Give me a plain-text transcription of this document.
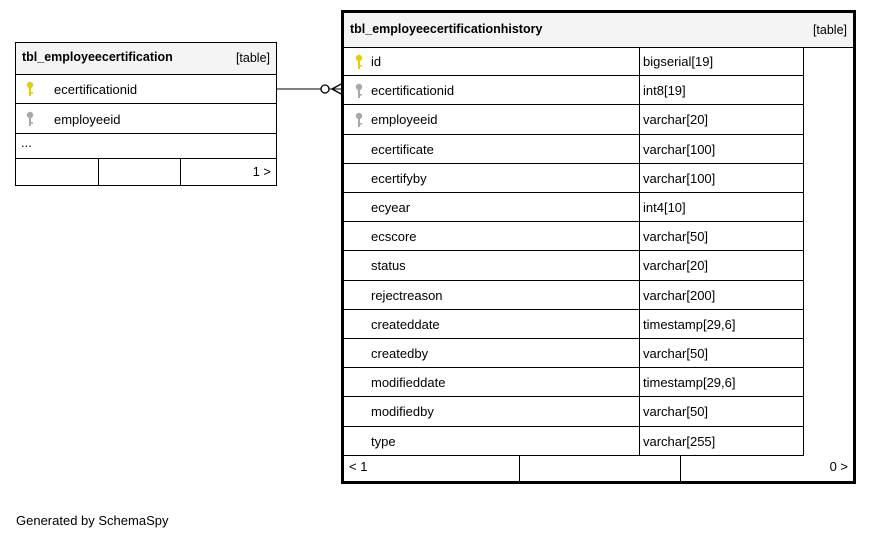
tbl_employeecertification	[table]
ecertificationid
employeeid
...
1 >
tbl_employeecertificationhistory	[table]
id	bigserial[19]
ecertificationid	int8[19]
employeeid	varchar[20]
ecertificate	varchar[100]
ecertifyby	varchar[100]
ecyear	int4[10]
ecscore	varchar[50]
status	varchar[20]
rejectreason	varchar[200]
createddate	timestamp[29,6]
createdby	varchar[50]
modifieddate	timestamp[29,6]
modifiedby	varchar[50]
type	varchar[255]
< 1	0 >
Generated by SchemaSpy
